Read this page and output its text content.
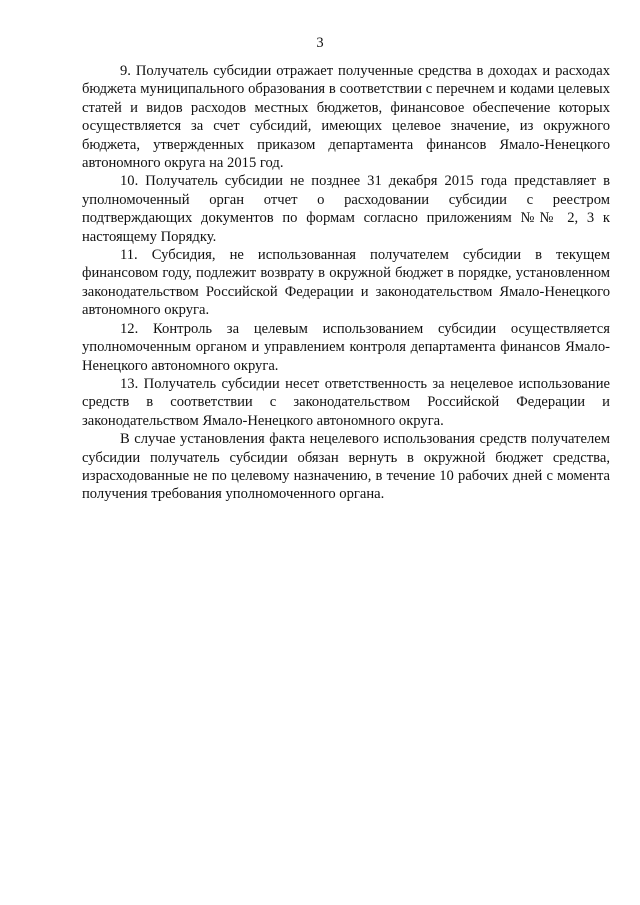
3

9. Получатель субсидии отражает полученные средства в доходах и расходах бюджета муниципального образования в соответствии с перечнем и кодами целевых статей и видов расходов местных бюджетов, финансовое обеспечение которых осуществляется за счет субсидий, имеющих целевое значение, из окружного бюджета, утвержденных приказом департамента финансов Ямало-Ненецкого автономного округа на 2015 год.

10. Получатель субсидии не позднее 31 декабря 2015 года представляет в уполномоченный орган отчет о расходовании субсидии с реестром подтверждающих документов по формам согласно приложениям №№ 2, 3 к настоящему Порядку.

11. Субсидия, не использованная получателем субсидии в текущем финансовом году, подлежит возврату в окружной бюджет в порядке, установленном законодательством Российской Федерации и законодательством Ямало-Ненецкого автономного округа.

12. Контроль за целевым использованием субсидии осуществляется уполномоченным органом и управлением контроля департамента финансов Ямало-Ненецкого автономного округа.

13. Получатель субсидии несет ответственность за нецелевое использование средств в соответствии с законодательством Российской Федерации и законодательством Ямало-Ненецкого автономного округа.

В случае установления факта нецелевого использования средств получателем субсидии получатель субсидии обязан вернуть в окружной бюджет средства, израсходованные не по целевому назначению, в течение 10 рабочих дней с момента получения требования уполномоченного органа.
